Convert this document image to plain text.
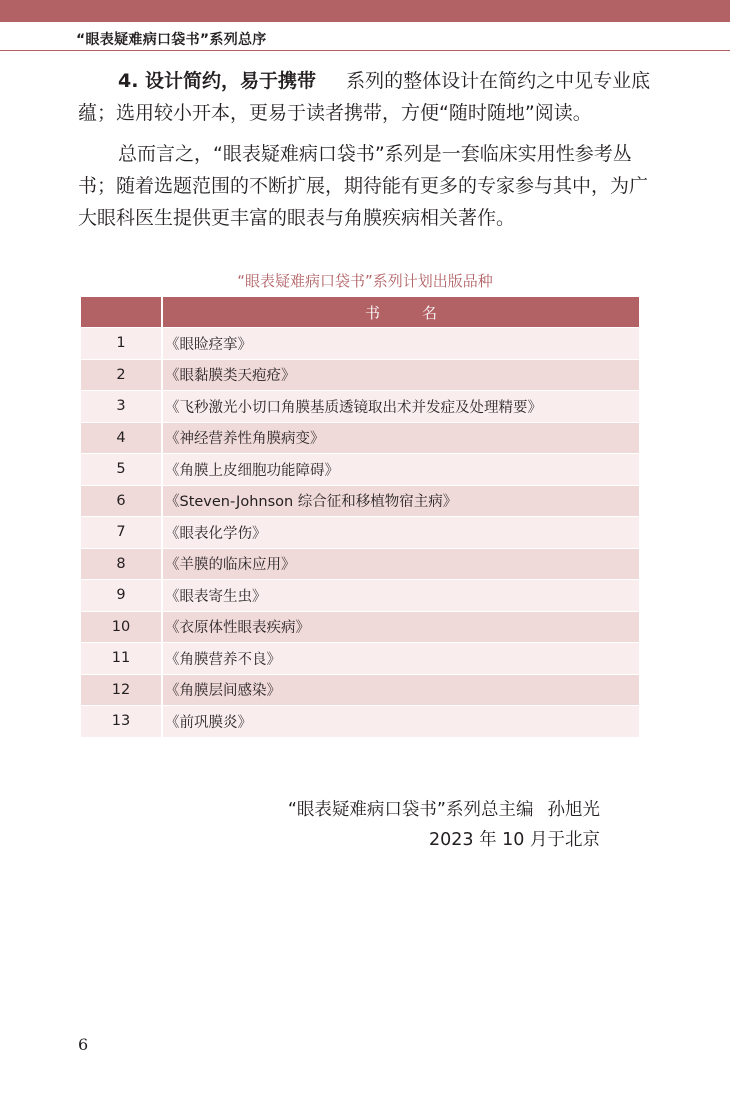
“眼表疑难病口袋书”系列总序

4. 设计简约，易于携带 系列的整体设计在简约之中见专业底
蕴；选用较小开本，更易于读者携带，方便“随时随地”阅读。

总而言之，“眼表疑难病口袋书”系列是一套临床实用性参考丛
书；随着选题范围的不断扩展，期待能有更多的专家参与其中，为广
大眼科医生提供更丰富的眼表与角膜疾病相关著作。

“眼表疑难病口袋书”系列计划出版品种
	书名
1	《眼睑痉挛》
2	《眼黏膜类天疱疮》
3	《飞秒激光小切口角膜基质透镜取出术并发症及处理精要》
4	《神经营养性角膜病变》
5	《角膜上皮细胞功能障碍》
6	《Steven-Johnson 综合征和移植物宿主病》
7	《眼表化学伤》
8	《羊膜的临床应用》
9	《眼表寄生虫》
10	《衣原体性眼表疾病》
11	《角膜营养不良》
12	《角膜层间感染》
13	《前巩膜炎》
“眼表疑难病口袋书”系列总主编 孙旭光
2023 年 10 月于北京
6
